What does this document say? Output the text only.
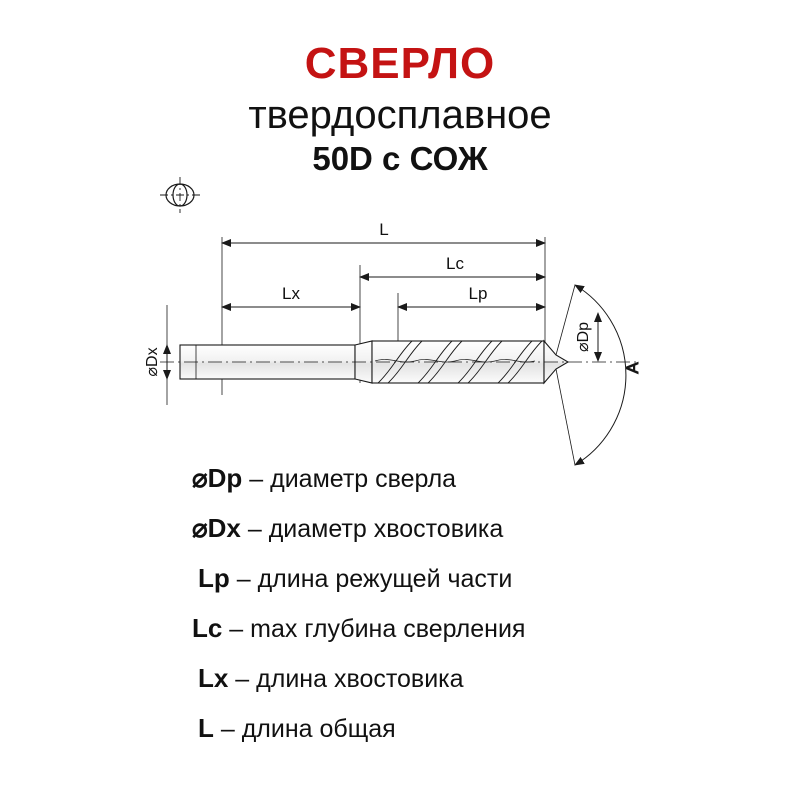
СВЕРЛО
твердосплавное
50D с СОЖ
L
Lc
Lx	Lp
⌀Dx
⌀Dp
A
⌀Dp – диаметр сверла
⌀Dx – диаметр хвостовика
Lp – длина режущей части
Lc – max глубина сверления
Lx – длина хвостовика
L – длина общая
